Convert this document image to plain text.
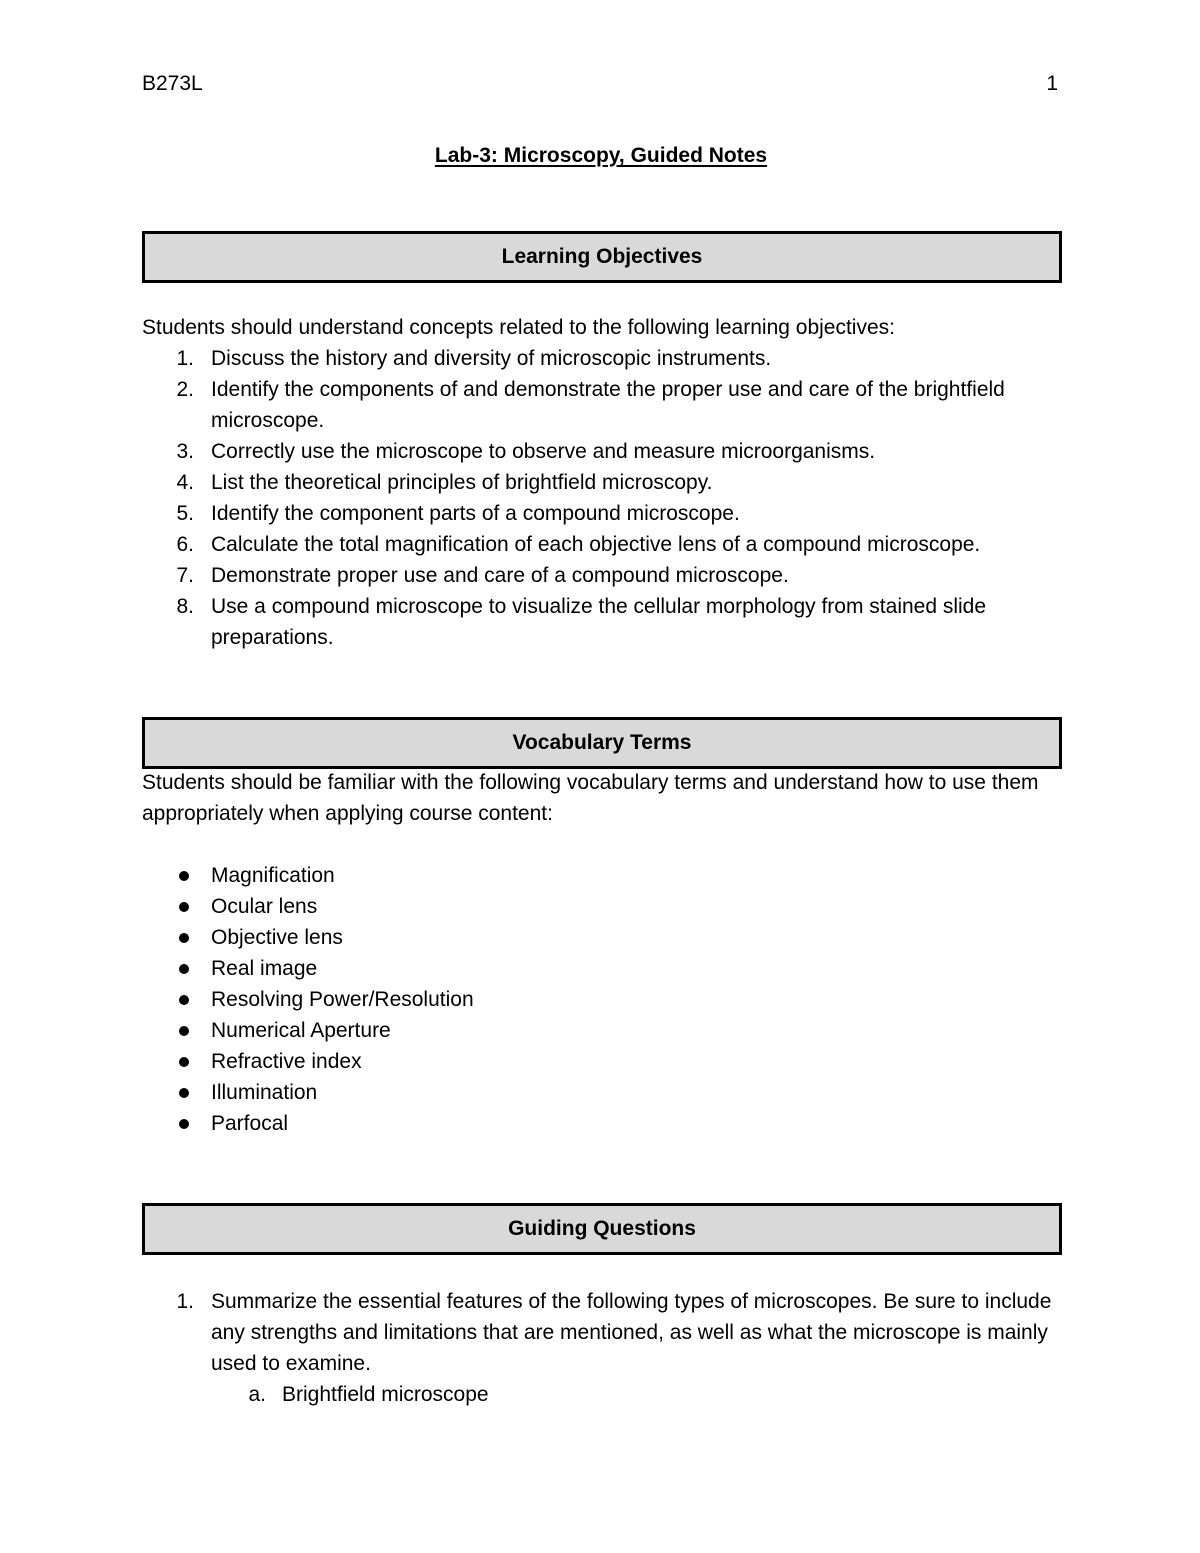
B273L	1
Lab-3: Microscopy, Guided Notes
Learning Objectives

Students should understand concepts related to the following learning objectives:

1. Discuss the history and diversity of microscopic instruments.
2. Identify the components of and demonstrate the proper use and care of the brightfield microscope.
3. Correctly use the microscope to observe and measure microorganisms.
4. List the theoretical principles of brightfield microscopy.
5. Identify the component parts of a compound microscope.
6. Calculate the total magnification of each objective lens of a compound microscope.
7. Demonstrate proper use and care of a compound microscope.
8. Use a compound microscope to visualize the cellular morphology from stained slide preparations.
Vocabulary Terms

Students should be familiar with the following vocabulary terms and understand how to use them appropriately when applying course content:

Magnification
Ocular lens
Objective lens
Real image
Resolving Power/Resolution
Numerical Aperture
Refractive index
Illumination
Parfocal
Guiding Questions
1. Summarize the essential features of the following types of microscopes. Be sure to include any strengths and limitations that are mentioned, as well as what the microscope is mainly used to examine.
a. Brightfield microscope
